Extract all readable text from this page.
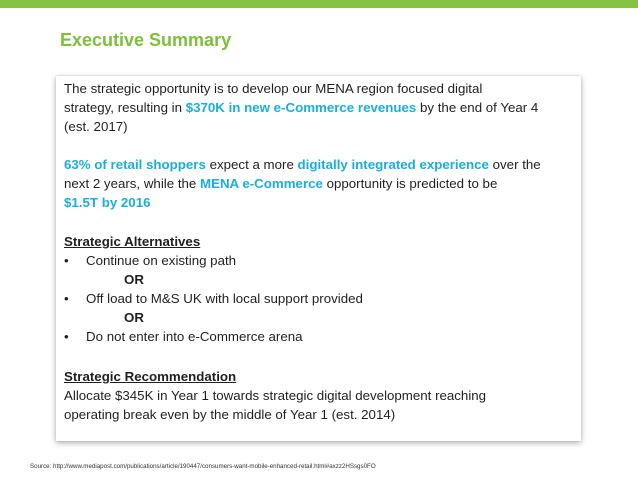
Executive Summary
The strategic opportunity is to develop our MENA region focused digital
strategy, resulting in $370K in new e-Commerce revenues by the end of Year 4
(est. 2017)
63% of retail shoppers expect a more digitally integrated experience over the
next 2 years, while the MENA e-Commerce opportunity is predicted to be
$1.5T by 2016
Strategic Alternatives
• Continue on existing path
OR
• Off load to M&S UK with local support provided
OR
• Do not enter into e-Commerce arena
Strategic Recommendation
Allocate $345K in Year 1 towards strategic digital development reaching
operating break even by the middle of Year 1 (est. 2014)
Source: http://www.mediapost.com/publications/article/190447/consumers-want-mobile-enhanced-retail.html#axzz2HSsgs0FO
